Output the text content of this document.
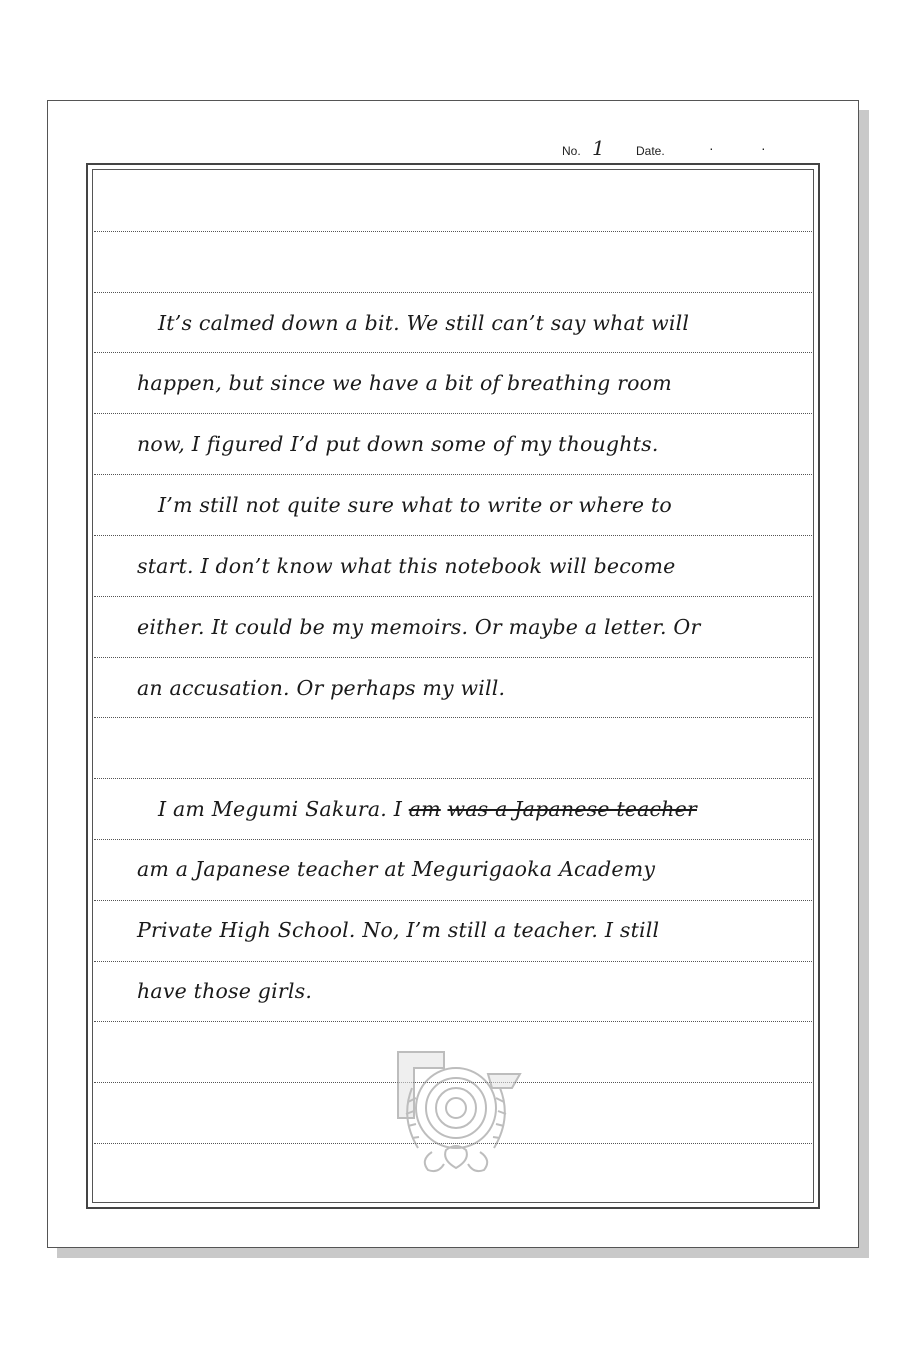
No. 1	Date.	·	·
It’s calmed down a bit. We still can’t say what will
happen, but since we have a bit of breathing room
now, I figured I’d put down some of my thoughts.
I’m still not quite sure what to write or where to
start. I don’t know what this notebook will become
either. It could be my memoirs. Or maybe a letter. Or
an accusation. Or perhaps my will.
I am Megumi Sakura. I am was a Japanese teacher
am a Japanese teacher at Megurigaoka Academy
Private High School. No, I’m still a teacher. I still
have those girls.
